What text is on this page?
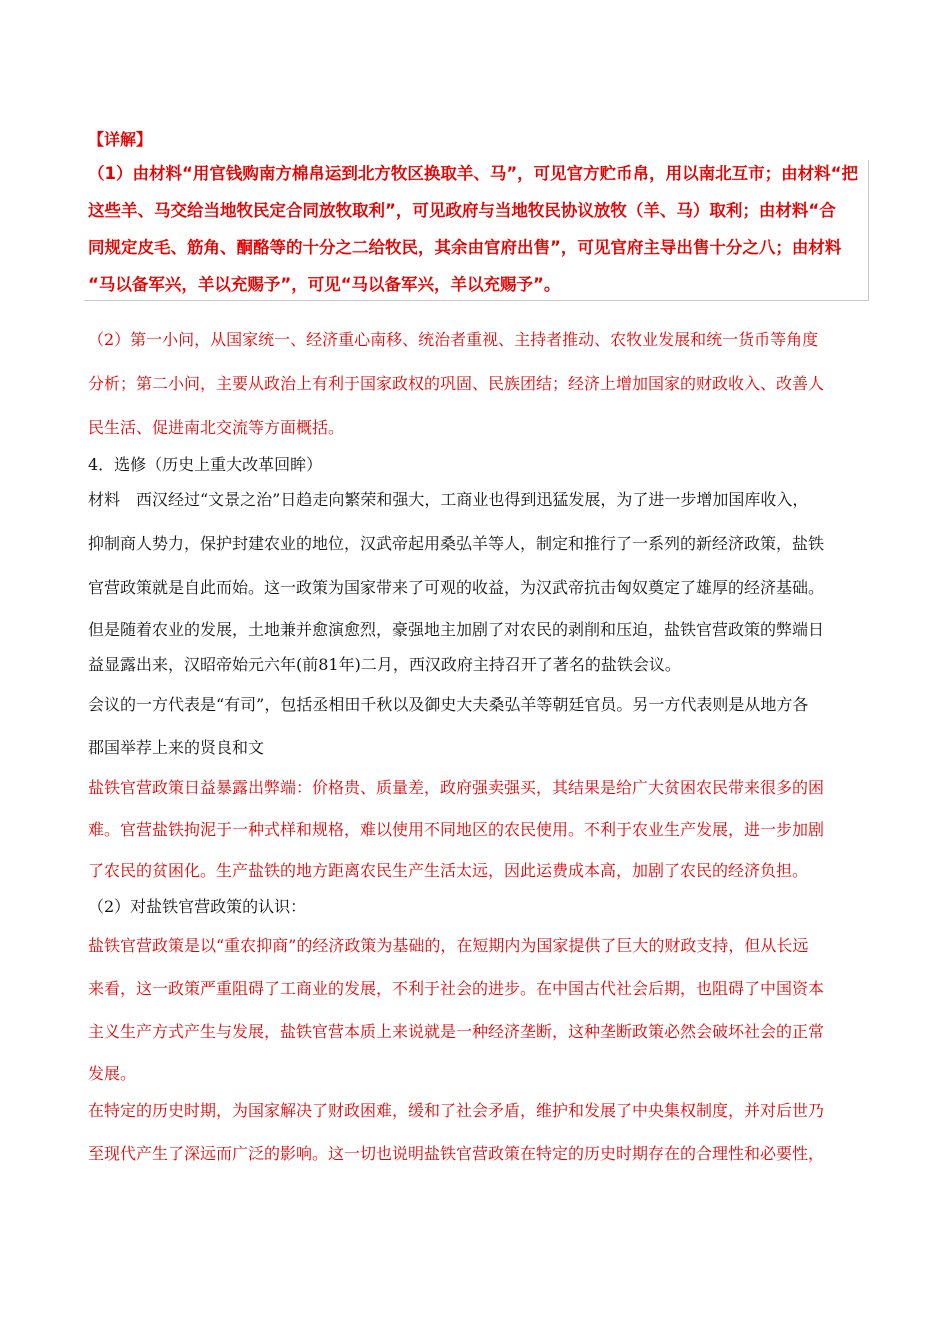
【详解】
（1）由材料“用官钱购南方棉帛运到北方牧区换取羊、马”，可见官方贮币帛，用以南北互市；由材料“把
这些羊、马交给当地牧民定合同放牧取利”，可见政府与当地牧民协议放牧（羊、马）取利；由材料“合
同规定皮毛、筋角、酮酪等的十分之二给牧民，其余由官府出售”，可见官府主导出售十分之八；由材料
“马以备军兴，羊以充赐予”，可见“马以备军兴，羊以充赐予”。
（2）第一小问，从国家统一、经济重心南移、统治者重视、主持者推动、农牧业发展和统一货币等角度
分析；第二小问，主要从政治上有利于国家政权的巩固、民族团结；经济上增加国家的财政收入、改善人
民生活、促进南北交流等方面概括。
4．选修（历史上重大改革回眸）
材料　西汉经过“文景之治”日趋走向繁荣和强大，工商业也得到迅猛发展，为了进一步增加国库收入，
抑制商人势力，保护封建农业的地位，汉武帝起用桑弘羊等人，制定和推行了一系列的新经济政策，盐铁
官营政策就是自此而始。这一政策为国家带来了可观的收益，为汉武帝抗击匈奴奠定了雄厚的经济基础。
但是随着农业的发展，土地兼并愈演愈烈，豪强地主加剧了对农民的剥削和压迫，盐铁官营政策的弊端日
益显露出来，汉昭帝始元六年(前81年)二月，西汉政府主持召开了著名的盐铁会议。
会议的一方代表是“有司”，包括丞相田千秋以及御史大夫桑弘羊等朝廷官员。另一方代表则是从地方各
郡国举荐上来的贤良和文
盐铁官营政策日益暴露出弊端：价格贵、质量差，政府强卖强买，其结果是给广大贫困农民带来很多的困
难。官营盐铁拘泥于一种式样和规格，难以使用不同地区的农民使用。不利于农业生产发展，进一步加剧
了农民的贫困化。生产盐铁的地方距离农民生产生活太远，因此运费成本高，加剧了农民的经济负担。
（2）对盐铁官营政策的认识：
盐铁官营政策是以“重农抑商”的经济政策为基础的，在短期内为国家提供了巨大的财政支持，但从长远
来看，这一政策严重阻碍了工商业的发展，不利于社会的进步。在中国古代社会后期，也阻碍了中国资本
主义生产方式产生与发展，盐铁官营本质上来说就是一种经济垄断，这种垄断政策必然会破坏社会的正常
发展。
在特定的历史时期，为国家解决了财政困难，缓和了社会矛盾，维护和发展了中央集权制度，并对后世乃
至现代产生了深远而广泛的影响。这一切也说明盐铁官营政策在特定的历史时期存在的合理性和必要性，
